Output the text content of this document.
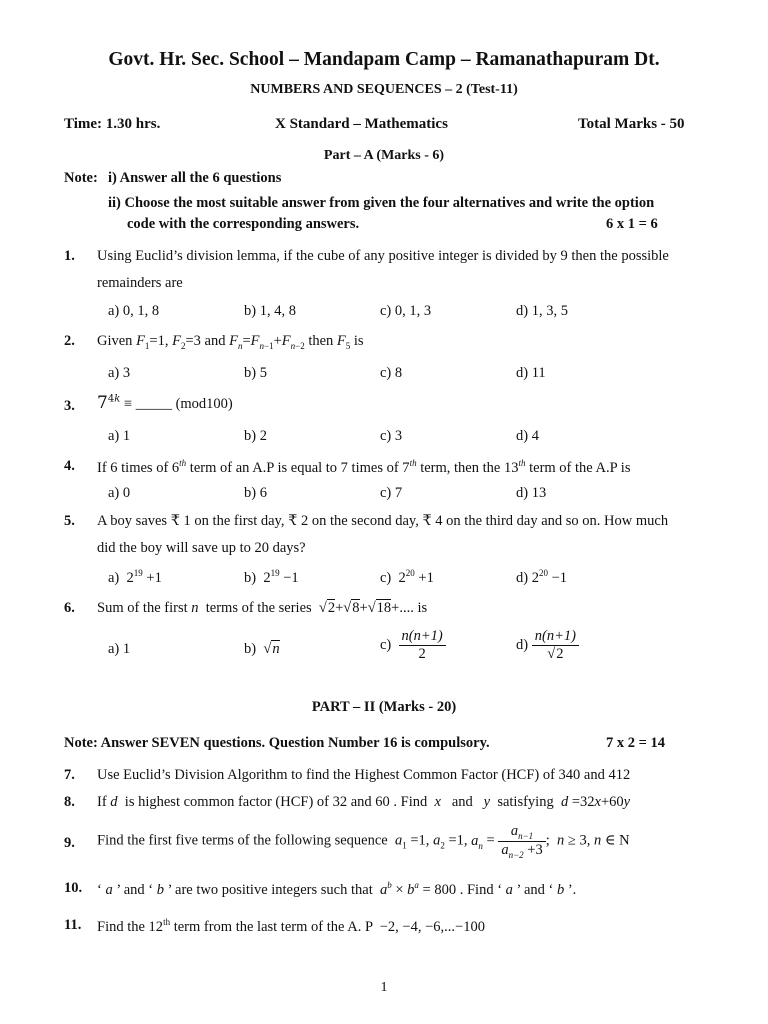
Govt. Hr. Sec. School – Mandapam Camp – Ramanathapuram Dt.
NUMBERS AND SEQUENCES – 2 (Test-11)
Time: 1.30 hrs.	X Standard – Mathematics	Total Marks - 50
Part – A (Marks - 6)
Note: i) Answer all the 6 questions
ii) Choose the most suitable answer from given the four alternatives and write the option
code with the corresponding answers.	6 x 1 = 6
1. Using Euclid’s division lemma, if the cube of any positive integer is divided by 9 then the possible
remainders are
a) 0, 1, 8	b) 1, 4, 8	c) 0, 1, 3	d) 1, 3, 5
2. Given $F_1=1$, $F_2=3$ and $F_n=F_{n-1}+F_{n-2}$ then $F_5$ is
a) 3	b) 5	c) 8	d) 11
3. $7^{4k}$ ≡ _____ (mod100)
a) 1	b) 2	c) 3	d) 4
4. If 6 times of 6th term of an A.P is equal to 7 times of 7th term, then the 13th term of the A.P is
a) 0	b) 6	c) 7	d) 13
5. A boy saves ₹ 1 on the first day, ₹ 2 on the second day, ₹ 4 on the third day and so on. How much
did the boy will save up to 20 days?
a)  $2^{19} +1$	b)  $2^{19} -1$	c)  $2^{20} +1$	d) $2^{20} -1$
6. Sum of the first n terms of the series  √2+√8+√18+.... is
a) 1	b)  √n	$c) \frac{n(n+1)}{2}$	$d) \frac{n(n+1)}{√2}$
PART – II (Marks - 20)
Note: Answer SEVEN questions. Question Number 16 is compulsory.	7 x 2 = 14
7. Use Euclid’s Division Algorithm to find the Highest Common Factor (HCF) of 340 and 412
8. If d is highest common factor (HCF) of 32 and 60 . Find x and y satisfying d =32x+60y
9. Find the first five terms of the following sequence $a_1 =1$, $a_2 =1$, $a_n = \frac{a_{n-1}}{a_{n-2} +3}$ ;  n ≥ 3, n ∈ N
10. ‘ a ’ and ‘ b ’ are two positive integers such that $a^b \times b^a = 800$ . Find ‘ a ’ and ‘ b ’.
11. Find the 12th term from the last term of the A. P  −2, −4, −6,...−100
1
